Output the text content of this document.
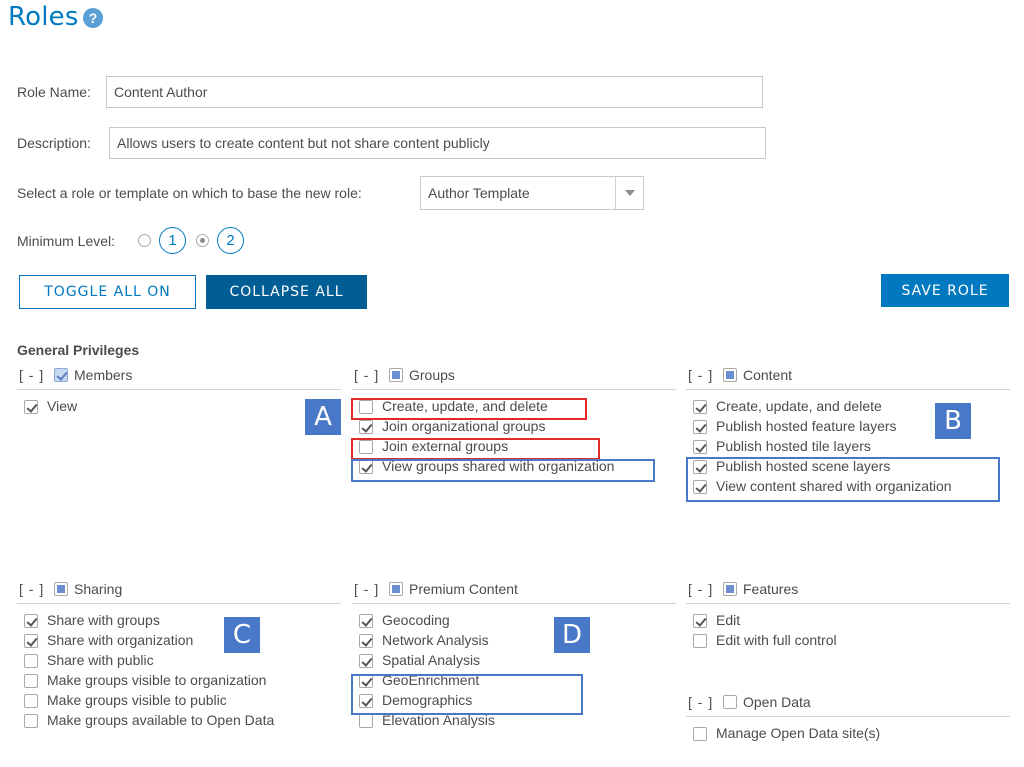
Roles ?
Role Name:	Content Author
Description:	Allows users to create content but not share content publicly
Select a role or template on which to base the new role:	Author Template
Minimum Level:	1	2
TOGGLE ALL ON	COLLAPSE ALL	SAVE ROLE
General Privileges
[ - ] Members
View
[ - ] Groups
Create, update, and delete
Join organizational groups
Join external groups
View groups shared with organization
[ - ] Content
Create, update, and delete
Publish hosted feature layers
Publish hosted tile layers
Publish hosted scene layers
View content shared with organization
[ - ] Sharing
Share with groups
Share with organization
Share with public
Make groups visible to organization
Make groups visible to public
Make groups available to Open Data
[ - ] Premium Content
Geocoding
Network Analysis
Spatial Analysis
GeoEnrichment
Demographics
Elevation Analysis
[ - ] Features
Edit
Edit with full control
[ - ] Open Data
Manage Open Data site(s)
A	B
C	D
